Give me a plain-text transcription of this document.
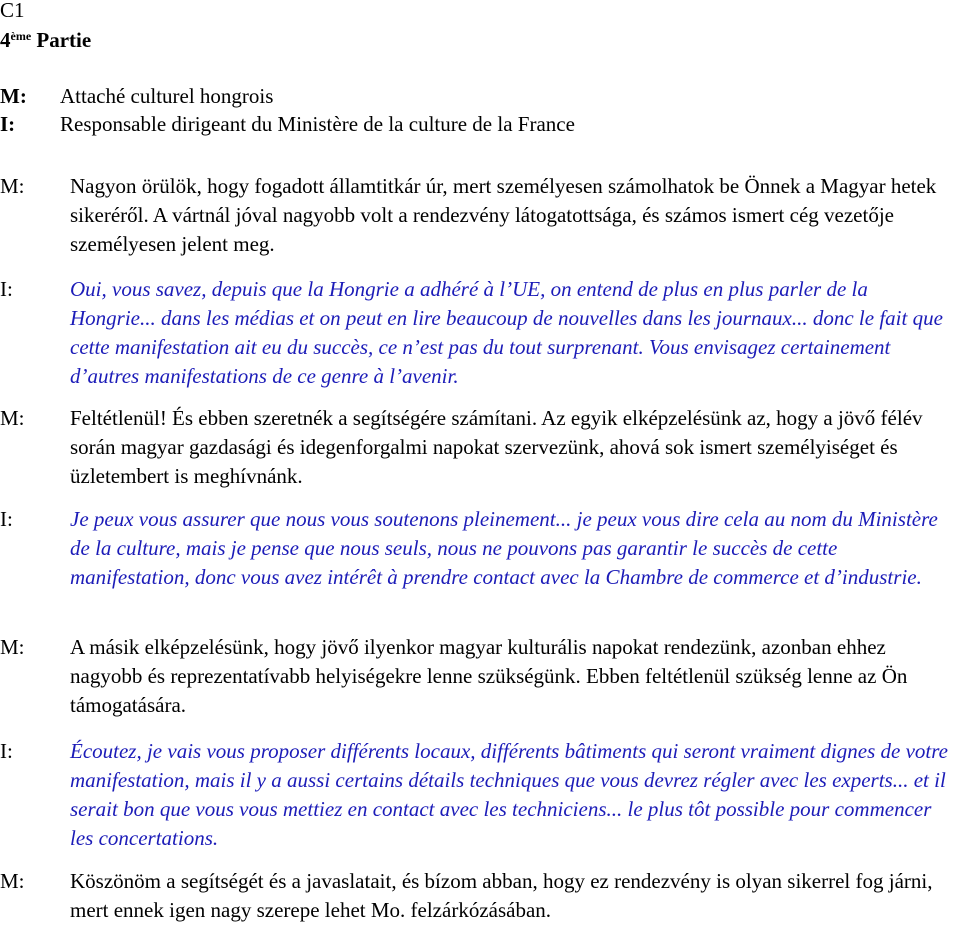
C1
4ème Partie
M: Attaché culturel hongrois
I: Responsable dirigeant du Ministère de la culture de la France
M: Nagyon örülök, hogy fogadott államtitkár úr, mert személyesen számolhatok be Önnek a Magyar hetek sikeréről. A vártnál jóval nagyobb volt a rendezvény látogatottsága, és számos ismert cég vezetője személyesen jelent meg.
I:	Oui, vous savez, depuis que la Hongrie a adhéré à l’UE, on entend de plus en plus parler de la Hongrie... dans les médias et on peut en lire beaucoup de nouvelles dans les journaux... donc le fait que cette manifestation ait eu du succès, ce n’est pas du tout surprenant. Vous envisagez certainement d’autres manifestations de ce genre à l’avenir.
M: Feltétlenül! És ebben szeretnék a segítségére számítani. Az egyik elképzelésünk az, hogy a jövő félév során magyar gazdasági és idegenforgalmi napokat szervezünk, ahová sok ismert személyiséget és üzletembert is meghívnánk.
I:	Je peux vous assurer que nous vous soutenons pleinement... je peux vous dire cela au nom du Ministère de la culture, mais je pense que nous seuls, nous ne pouvons pas garantir le succès de cette manifestation, donc vous avez intérêt à prendre contact avec la Chambre de commerce et d’industrie.
M: A másik elképzelésünk, hogy jövő ilyenkor magyar kulturális napokat rendezünk, azonban ehhez nagyobb és reprezentatívabb helyiségekre lenne szükségünk. Ebben feltétlenül szükség lenne az Ön támogatására.
I:	Écoutez, je vais vous proposer différents locaux, différents bâtiments qui seront vraiment dignes de votre manifestation, mais il y a aussi certains détails techniques que vous devrez régler avec les experts... et il serait bon que vous vous mettiez en contact avec les techniciens... le plus tôt possible pour commencer les concertations.
M: Köszönöm a segítségét és a javaslatait, és bízom abban, hogy ez rendezvény is olyan sikerrel fog járni, mert ennek igen nagy szerepe lehet Mo. felzárkózásában.
